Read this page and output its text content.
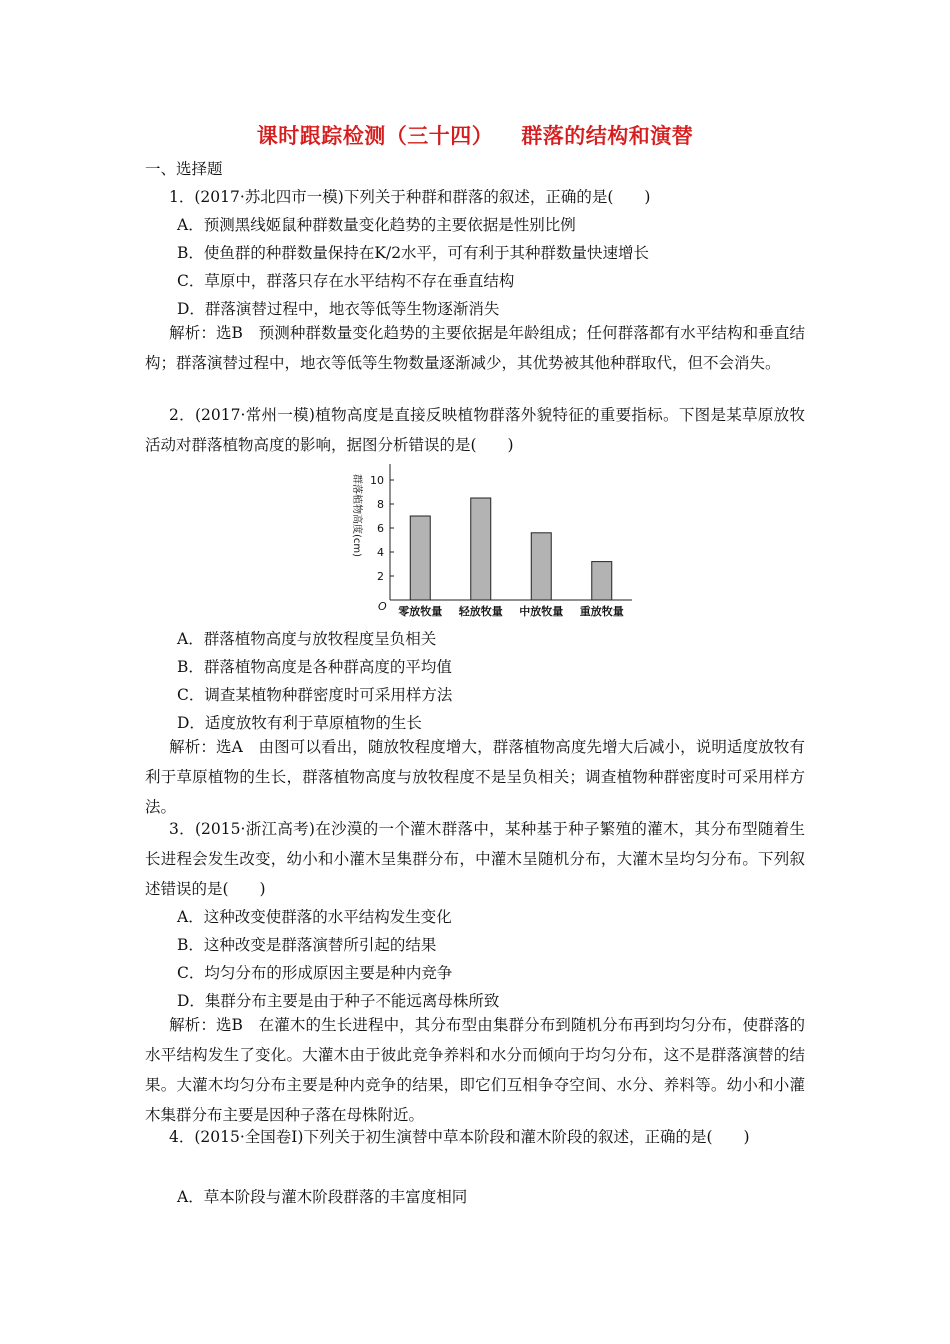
课时跟踪检测（三十四） 群落的结构和演替
一、选择题
1．(2017·苏北四市一模)下列关于种群和群落的叙述，正确的是(　　)
A．预测黑线姬鼠种群数量变化趋势的主要依据是性别比例
B．使鱼群的种群数量保持在K/2水平，可有利于其种群数量快速增长
C．草原中，群落只存在水平结构不存在垂直结构
D．群落演替过程中，地衣等低等生物逐渐消失
解析：选B　预测种群数量变化趋势的主要依据是年龄组成；任何群落都有水平结构和垂直结构；群落演替过程中，地衣等低等生物数量逐渐减少，其优势被其他种群取代，但不会消失。
2．(2017·常州一模)植物高度是直接反映植物群落外貌特征的重要指标。下图是某草原放牧活动对群落植物高度的影响，据图分析错误的是(　　)
2
4
6
8
10
零放牧量 轻放牧量 中放牧量 重放牧量
群落植物高度(cm)
O
A．群落植物高度与放牧程度呈负相关
B．群落植物高度是各种群高度的平均值
C．调查某植物种群密度时可采用样方法
D．适度放牧有利于草原植物的生长
解析：选A　由图可以看出，随放牧程度增大，群落植物高度先增大后减小，说明适度放牧有利于草原植物的生长，群落植物高度与放牧程度不是呈负相关；调查植物种群密度时可采用样方法。
3．(2015·浙江高考)在沙漠的一个灌木群落中，某种基于种子繁殖的灌木，其分布型随着生长进程会发生改变，幼小和小灌木呈集群分布，中灌木呈随机分布，大灌木呈均匀分布。下列叙述错误的是(　　)
A．这种改变使群落的水平结构发生变化
B．这种改变是群落演替所引起的结果
C．均匀分布的形成原因主要是种内竞争
D．集群分布主要是由于种子不能远离母株所致
解析：选B　在灌木的生长进程中，其分布型由集群分布到随机分布再到均匀分布，使群落的水平结构发生了变化。大灌木由于彼此竞争养料和水分而倾向于均匀分布，这不是群落演替的结果。大灌木均匀分布主要是种内竞争的结果，即它们互相争夺空间、水分、养料等。幼小和小灌木集群分布主要是因种子落在母株附近。
4．(2015·全国卷Ⅰ)下列关于初生演替中草本阶段和灌木阶段的叙述，正确的是(　　)
A．草本阶段与灌木阶段群落的丰富度相同
